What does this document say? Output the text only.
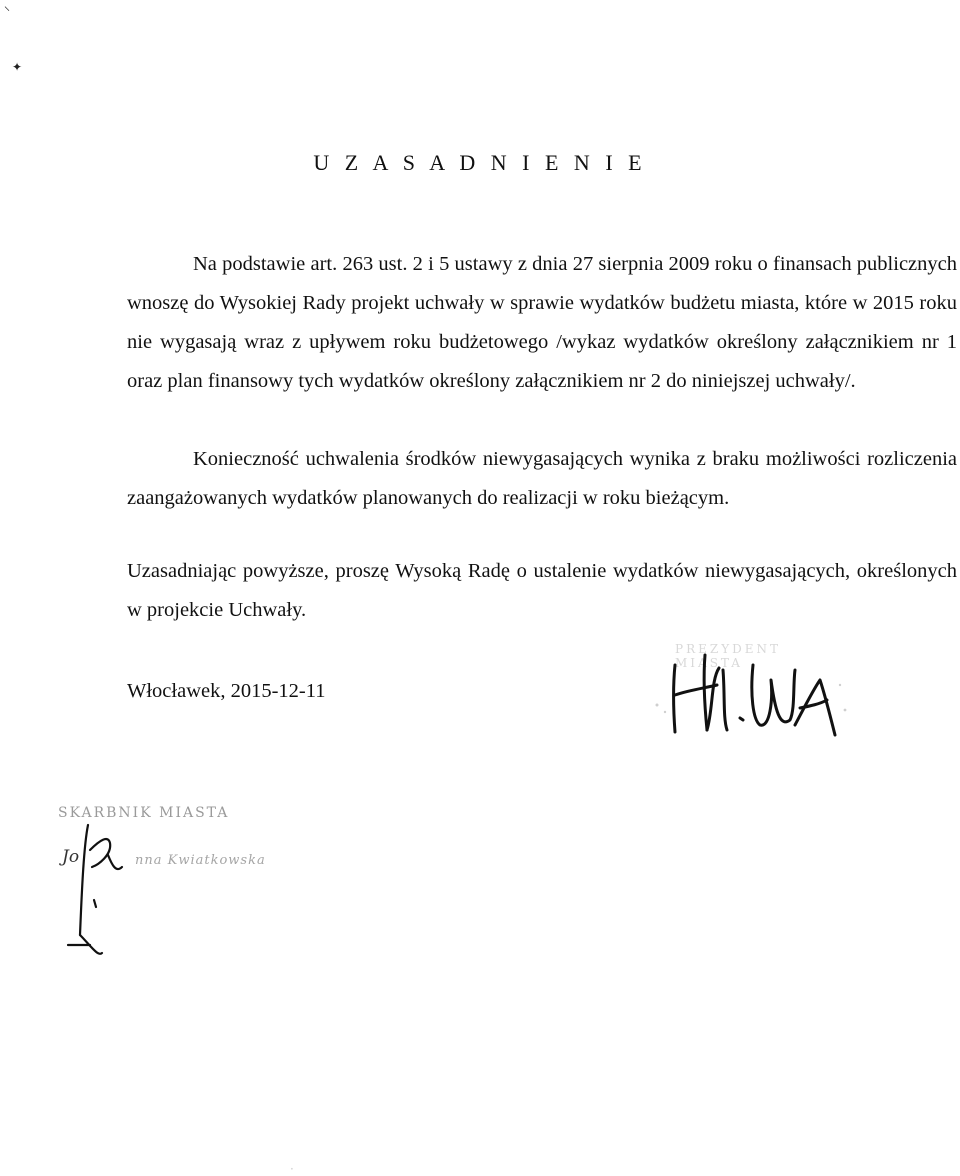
⸌
✦
U Z A S A D N I E N I E

Na podstawie art. 263 ust. 2 i 5 ustawy z dnia 27 sierpnia 2009 roku o finansach publicznych wnoszę do Wysokiej Rady projekt uchwały w sprawie wydatków budżetu miasta, które w 2015 roku nie wygasają wraz z upływem roku budżetowego /wykaz wydatków określony załącznikiem nr 1 oraz plan finansowy tych wydatków określony załącznikiem nr 2 do niniejszej uchwały/.

Konieczność uchwalenia środków niewygasających wynika z braku możliwości rozliczenia zaangażowanych wydatków planowanych do realizacji w roku bieżącym.

Uzasadniając powyższe, proszę Wysoką Radę o ustalenie wydatków niewygasających, określonych w projekcie Uchwały.

Włocławek, 2015-12-11
PREZYDENT MIASTA
SKARBNIK MIASTA
Jo	nna Kwiatkowska
·
